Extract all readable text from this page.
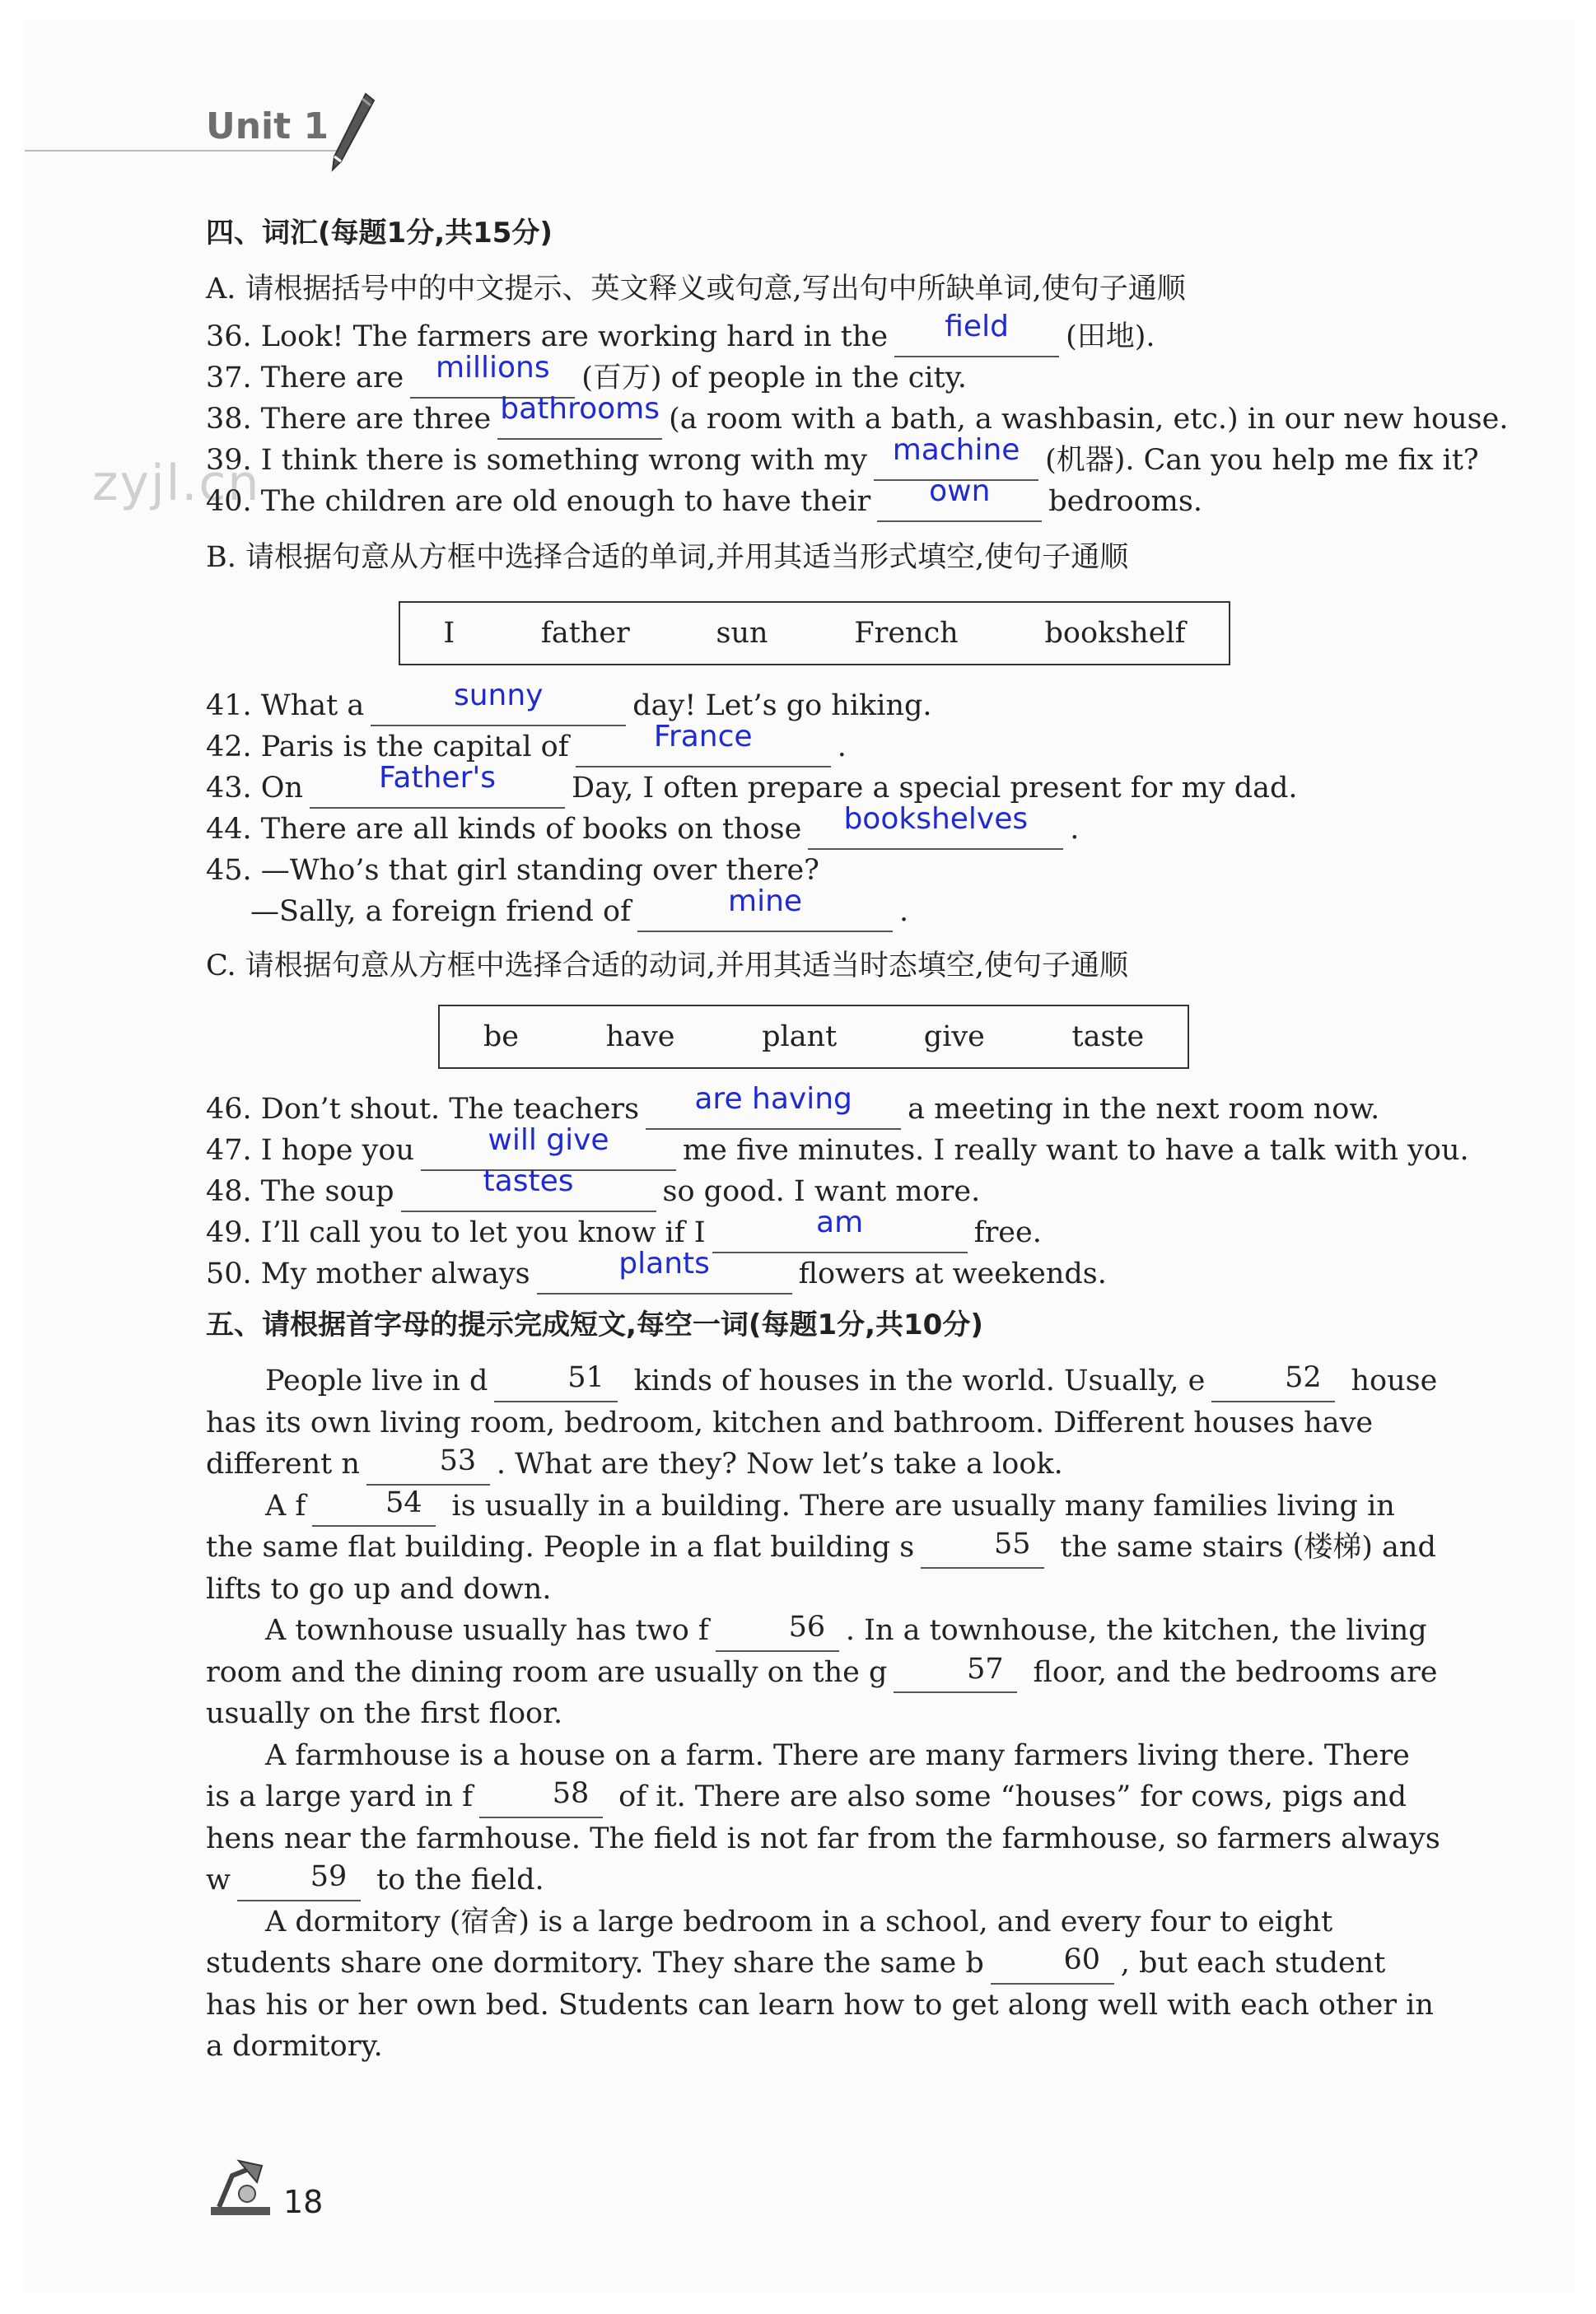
Unit 1
zyjl.cn
四、词汇(每题1分,共15分)
A. 请根据括号中的中文提示、英文释义或句意,写出句中所缺单词,使句子通顺
36. Look! The farmers are working hard in the	field	(田地).
37. There are	millions	(百万) of people in the city.
38. There are three bathrooms (a room with a bath, a washbasin, etc.) in our new house.
39. I think there is something wrong with my machine (机器). Can you help me fix it?
40. The children are old enough to have their	own	bedrooms.
B. 请根据句意从方框中选择合适的单词,并用其适当形式填空,使句子通顺
I	father	sun	French	bookshelf
41. What a	sunny	day! Let’s go hiking.
42. Paris is the capital of	France	.
43. On	Father's	Day, I often prepare a special present for my dad.
44. There are all kinds of books on those	bookshelves	.
45. —Who’s that girl standing over there?
—Sally, a foreign friend of	mine	.
C. 请根据句意从方框中选择合适的动词,并用其适当时态填空,使句子通顺
be	have	plant	give	taste
46. Don’t shout. The teachers	are having	a meeting in the next room now.
47. I hope you	will give	me five minutes. I really want to have a talk with you.
48. The soup	tastes	so good. I want more.
49. I’ll call you to let you know if I	am	free.
50. My mother always	plants	flowers at weekends.
五、请根据首字母的提示完成短文,每空一词(每题1分,共10分)

People live in d	51	kinds of houses in the world. Usually, e	52	house has its own living room, bedroom, kitchen and bathroom. Different houses have different n	53 . What are they? Now let’s take a look.

A f	54	is usually in a building. There are usually many families living in the same flat building. People in a flat building s	55	the same stairs (楼梯) and lifts to go up and down.

A townhouse usually has two f	56 . In a townhouse, the kitchen, the living room and the dining room are usually on the g	57	floor, and the bedrooms are usually on the first floor.

A farmhouse is a house on a farm. There are many farmers living there. There is a large yard in f	58	of it. There are also some “houses” for cows, pigs and hens near the farmhouse. The field is not far from the farmhouse, so farmers always w	59	to the field.

A dormitory (宿舍) is a large bedroom in a school, and every four to eight students share one dormitory. They share the same b	60 , but each student has his or her own bed. Students can learn how to get along well with each other in a dormitory.

18
